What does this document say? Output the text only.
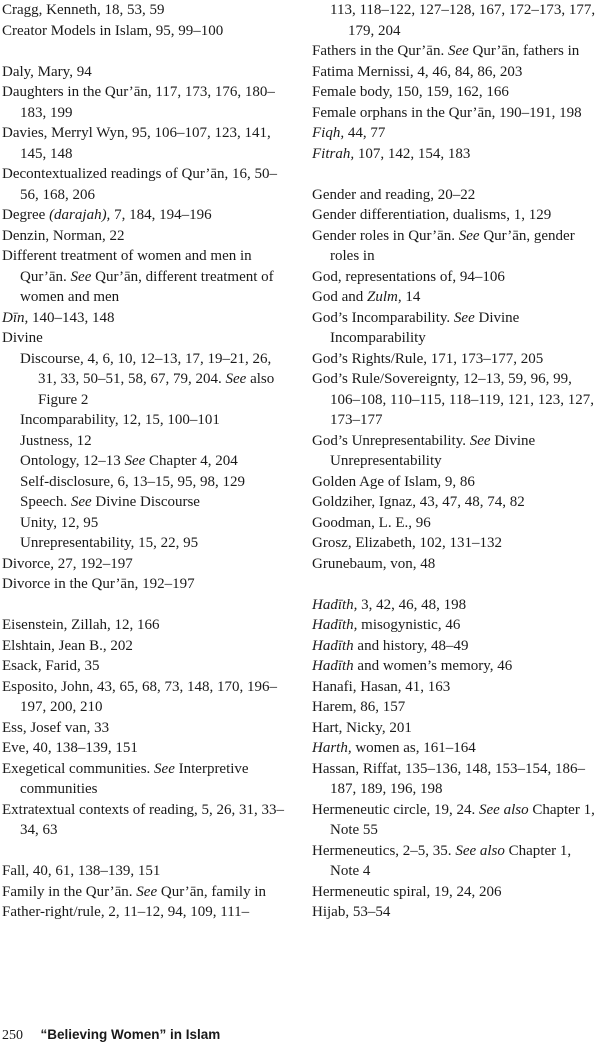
Cragg, Kenneth, 18, 53, 59
Creator Models in Islam, 95, 99–100
Daly, Mary, 94
Daughters in the Qur’ān, 117, 173, 176, 180–183, 199
Davies, Merryl Wyn, 95, 106–107, 123, 141, 145, 148
Decontextualized readings of Qur’ān, 16, 50–56, 168, 206
Degree (darajah), 7, 184, 194–196
Denzin, Norman, 22
Different treatment of women and men in Qur’ān. See Qur’ān, different treatment of women and men
Dīn, 140–143, 148
Divine
Discourse, 4, 6, 10, 12–13, 17, 19–21, 26, 31, 33, 50–51, 58, 67, 79, 204. See also Figure 2
Incomparability, 12, 15, 100–101
Justness, 12
Ontology, 12–13 See Chapter 4, 204
Self-disclosure, 6, 13–15, 95, 98, 129
Speech. See Divine Discourse
Unity, 12, 95
Unrepresentability, 15, 22, 95
Divorce, 27, 192–197
Divorce in the Qur’ān, 192–197
Eisenstein, Zillah, 12, 166
Elshtain, Jean B., 202
Esack, Farid, 35
Esposito, John, 43, 65, 68, 73, 148, 170, 196–197, 200, 210
Ess, Josef van, 33
Eve, 40, 138–139, 151
Exegetical communities. See Interpretive communities
Extratextual contexts of reading, 5, 26, 31, 33–34, 63
Fall, 40, 61, 138–139, 151
Family in the Qur’ān. See Qur’ān, family in
Father-right/rule, 2, 11–12, 94, 109, 111–
113, 118–122, 127–128, 167, 172–173, 177, 179, 204
Fathers in the Qur’ān. See Qur’ān, fathers in
Fatima Mernissi, 4, 46, 84, 86, 203
Female body, 150, 159, 162, 166
Female orphans in the Qur’ān, 190–191, 198
Fiqh, 44, 77
Fitrah, 107, 142, 154, 183
Gender and reading, 20–22
Gender differentiation, dualisms, 1, 129
Gender roles in Qur’ān. See Qur’ān, gender roles in
God, representations of, 94–106
God and Zulm, 14
God’s Incomparability. See Divine Incomparability
God’s Rights/Rule, 171, 173–177, 205
God’s Rule/Sovereignty, 12–13, 59, 96, 99, 106–108, 110–115, 118–119, 121, 123, 127, 173–177
God’s Unrepresentability. See Divine Unrepresentability
Golden Age of Islam, 9, 86
Goldziher, Ignaz, 43, 47, 48, 74, 82
Goodman, L. E., 96
Grosz, Elizabeth, 102, 131–132
Grunebaum, von, 48
Hadīth, 3, 42, 46, 48, 198
Hadīth, misogynistic, 46
Hadīth and history, 48–49
Hadīth and women’s memory, 46
Hanafi, Hasan, 41, 163
Harem, 86, 157
Hart, Nicky, 201
Harth, women as, 161–164
Hassan, Riffat, 135–136, 148, 153–154, 186–187, 189, 196, 198
Hermeneutic circle, 19, 24. See also Chapter 1, Note 55
Hermeneutics, 2–5, 35. See also Chapter 1, Note 4
Hermeneutic spiral, 19, 24, 206
Hijab, 53–54
250 “Believing Women” in Islam
